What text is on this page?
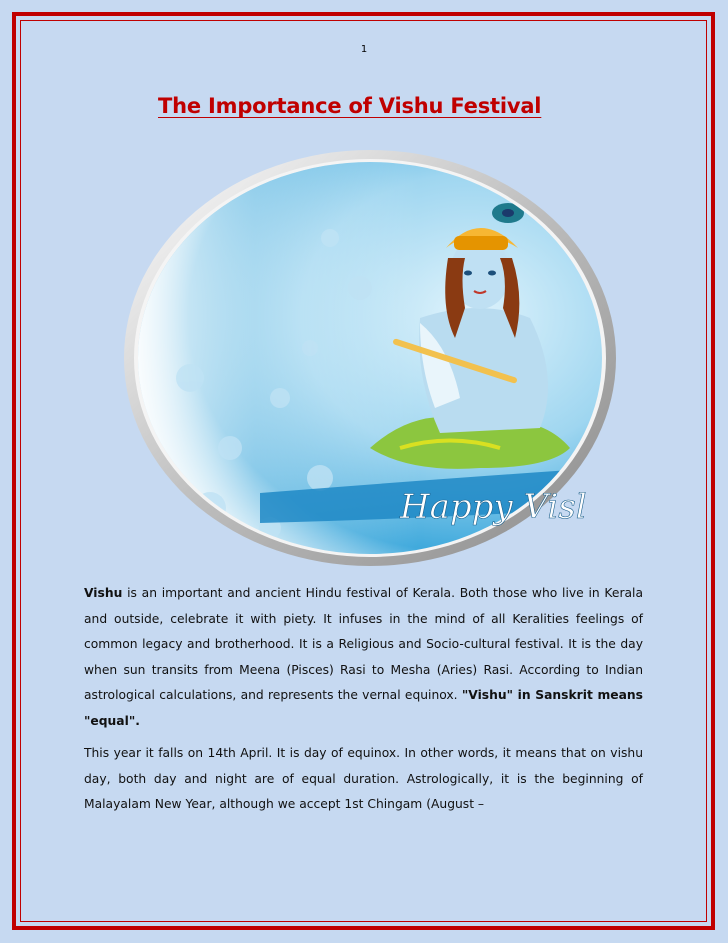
1
The Importance of Vishu Festival
Happy Visl

Vishu is an important and ancient Hindu festival of Kerala. Both those who live in Kerala and outside, celebrate it with piety. It infuses in the mind of all Keralities feelings of common legacy and brotherhood. It is a Religious and Socio-cultural festival. It is the day when sun transits from Meena (Pisces) Rasi to Mesha (Aries) Rasi. According to Indian astrological calculations, and represents the vernal equinox. "Vishu" in Sanskrit means "equal".

This year it falls on 14th April. It is day of equinox. In other words, it means that on vishu day, both day and night are of equal duration. Astrologically, it is the beginning of Malayalam New Year, although we accept 1st Chingam (August –
